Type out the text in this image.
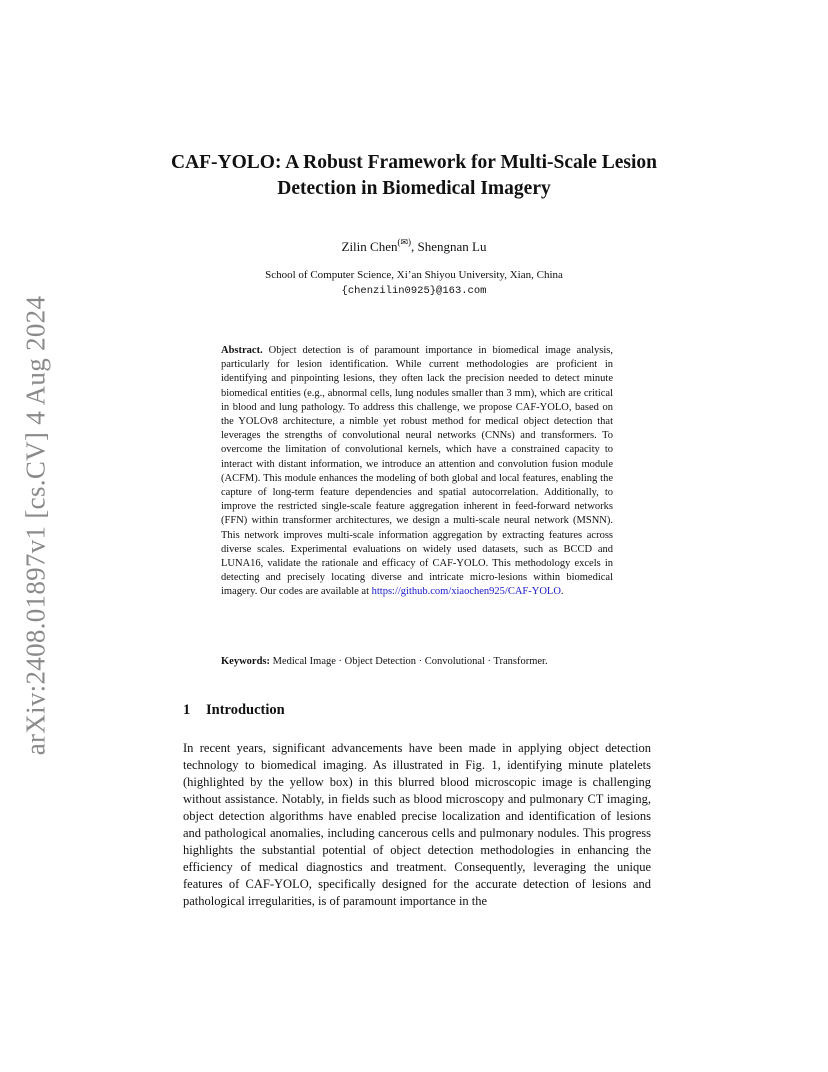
arXiv:2408.01897v1 [cs.CV] 4 Aug 2024
CAF-YOLO: A Robust Framework for Multi-Scale Lesion Detection in Biomedical Imagery
Zilin Chen(✉), Shengnan Lu
School of Computer Science, Xi’an Shiyou University, Xian, China
{chenzilin0925}@163.com
Abstract. Object detection is of paramount importance in biomedical image analysis, particularly for lesion identification. While current methodologies are proficient in identifying and pinpointing lesions, they often lack the precision needed to detect minute biomedical entities (e.g., abnormal cells, lung nodules smaller than 3 mm), which are critical in blood and lung pathology. To address this challenge, we propose CAF-YOLO, based on the YOLOv8 architecture, a nimble yet robust method for medical object detection that leverages the strengths of convolutional neural networks (CNNs) and transformers. To overcome the limitation of convolutional kernels, which have a constrained capacity to interact with distant information, we introduce an attention and convolution fusion module (ACFM). This module enhances the modeling of both global and local features, enabling the capture of long-term feature dependencies and spatial autocorrelation. Additionally, to improve the restricted single-scale feature aggregation inherent in feed-forward networks (FFN) within transformer architectures, we design a multi-scale neural network (MSNN). This network improves multi-scale information aggregation by extracting features across diverse scales. Experimental evaluations on widely used datasets, such as BCCD and LUNA16, validate the rationale and efficacy of CAF-YOLO. This methodology excels in detecting and precisely locating diverse and intricate micro-lesions within biomedical imagery. Our codes are available at https://github.com/xiaochen925/CAF-YOLO.
Keywords: Medical Image · Object Detection · Convolutional · Transformer.
1 Introduction
In recent years, significant advancements have been made in applying object detection technology to biomedical imaging. As illustrated in Fig. 1, identifying minute platelets (highlighted by the yellow box) in this blurred blood microscopic image is challenging without assistance. Notably, in fields such as blood microscopy and pulmonary CT imaging, object detection algorithms have enabled precise localization and identification of lesions and pathological anomalies, including cancerous cells and pulmonary nodules. This progress highlights the substantial potential of object detection methodologies in enhancing the efficiency of medical diagnostics and treatment. Consequently, leveraging the unique features of CAF-YOLO, specifically designed for the accurate detection of lesions and pathological irregularities, is of paramount importance in the
